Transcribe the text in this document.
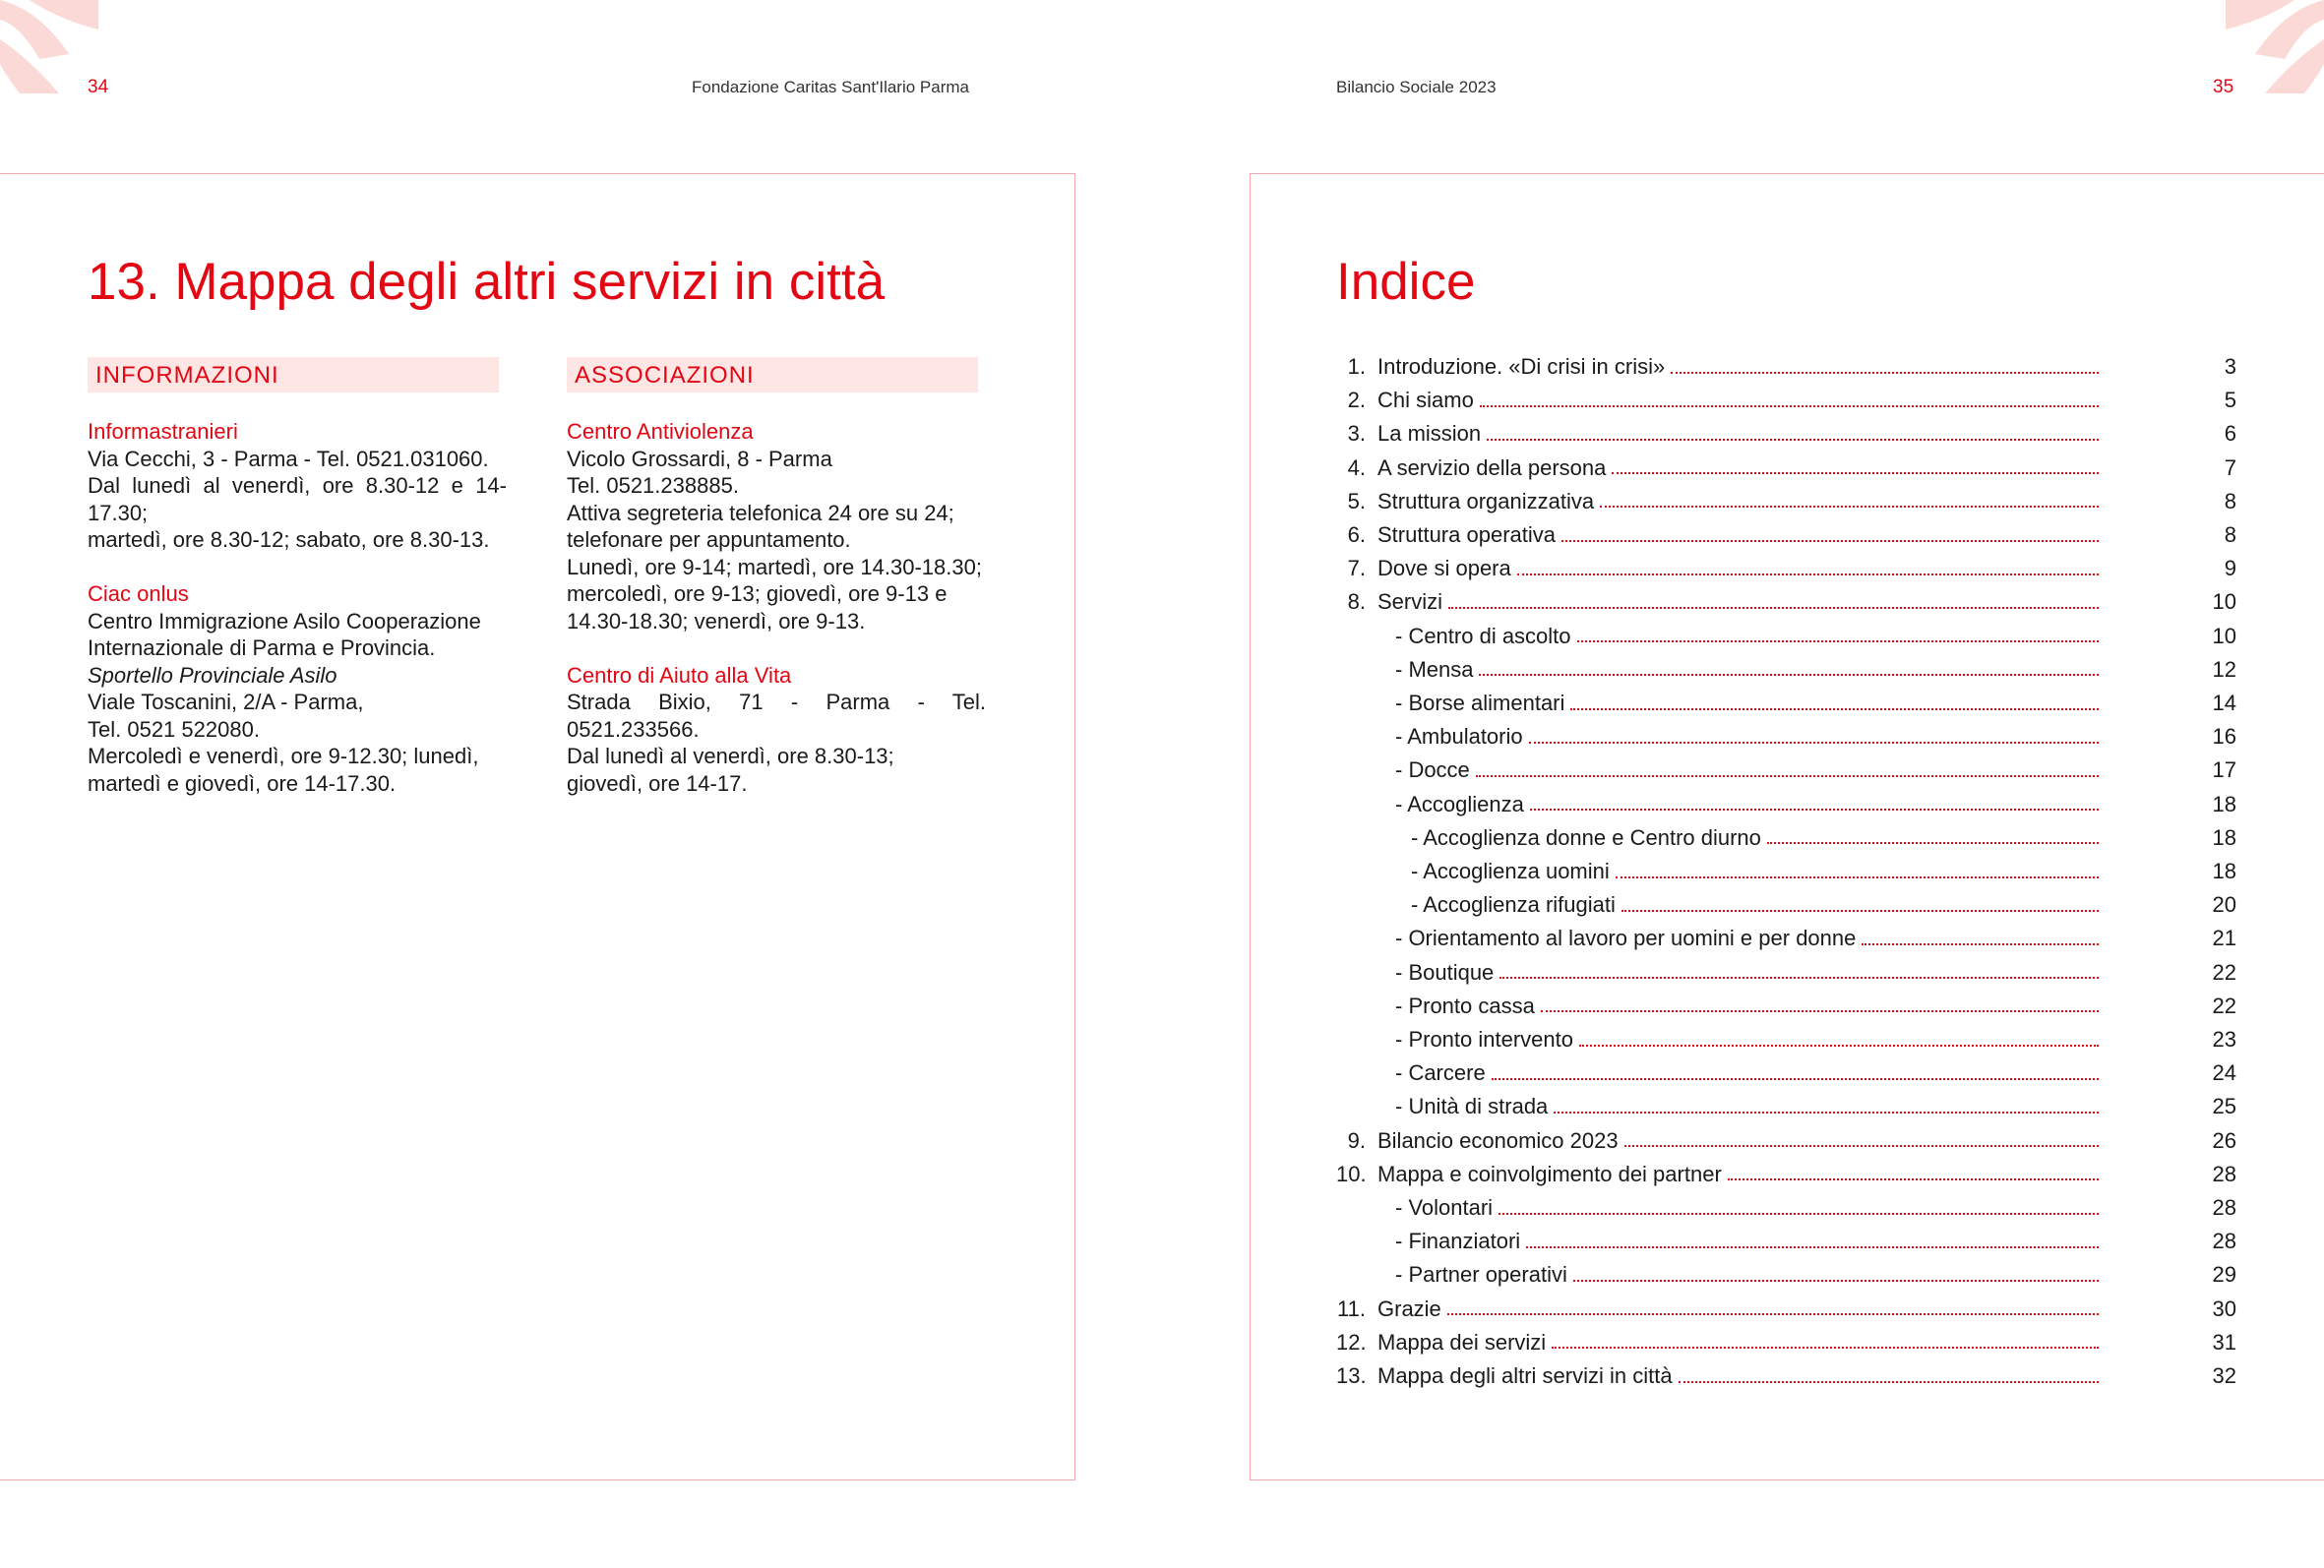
34	Fondazione Caritas Sant'Ilario Parma	Bilancio Sociale 2023	35
13. Mappa degli altri servizi in città
INFORMAZIONI	ASSOCIAZIONI
Informastranieri
Via Cecchi, 3 - Parma - Tel. 0521.031060.
Dal lunedì al venerdì, ore 8.30-12 e 14-17.30;
martedì, ore 8.30-12; sabato, ore 8.30-13.
Ciac onlus
Centro Immigrazione Asilo Cooperazione
Internazionale di Parma e Provincia.
Sportello Provinciale Asilo
Viale Toscanini, 2/A - Parma,
Tel. 0521 522080.
Mercoledì e venerdì, ore 9-12.30; lunedì,
martedì e giovedì, ore 14-17.30.
Centro Antiviolenza
Vicolo Grossardi, 8 - Parma
Tel. 0521.238885.
Attiva segreteria telefonica 24 ore su 24;
telefonare per appuntamento.
Lunedì, ore 9-14; martedì, ore 14.30-18.30;
mercoledì, ore 9-13; giovedì, ore 9-13 e
14.30-18.30; venerdì, ore 9-13.
Centro di Aiuto alla Vita
Strada Bixio, 71 - Parma - Tel. 0521.233566.
Dal lunedì al venerdì, ore 8.30-13;
giovedì, ore 14-17.
Indice
1. Introduzione. «Di crisi in crisi»	3
2. Chi siamo	5
3. La mission	6
4. A servizio della persona	7
5. Struttura organizzativa	8
6. Struttura operativa	8
7. Dove si opera	9
8. Servizi	10
- Centro di ascolto	10
- Mensa	12
- Borse alimentari	14
- Ambulatorio	16
- Docce	17
- Accoglienza	18
- Accoglienza donne e Centro diurno	18
- Accoglienza uomini	18
- Accoglienza rifugiati	20
- Orientamento al lavoro per uomini e per donne	21
- Boutique	22
- Pronto cassa	22
- Pronto intervento	23
- Carcere	24
- Unità di strada	25
9. Bilancio economico 2023	26
10. Mappa e coinvolgimento dei partner	28
- Volontari	28
- Finanziatori	28
- Partner operativi	29
11. Grazie	30
12. Mappa dei servizi	31
13. Mappa degli altri servizi in città	32
